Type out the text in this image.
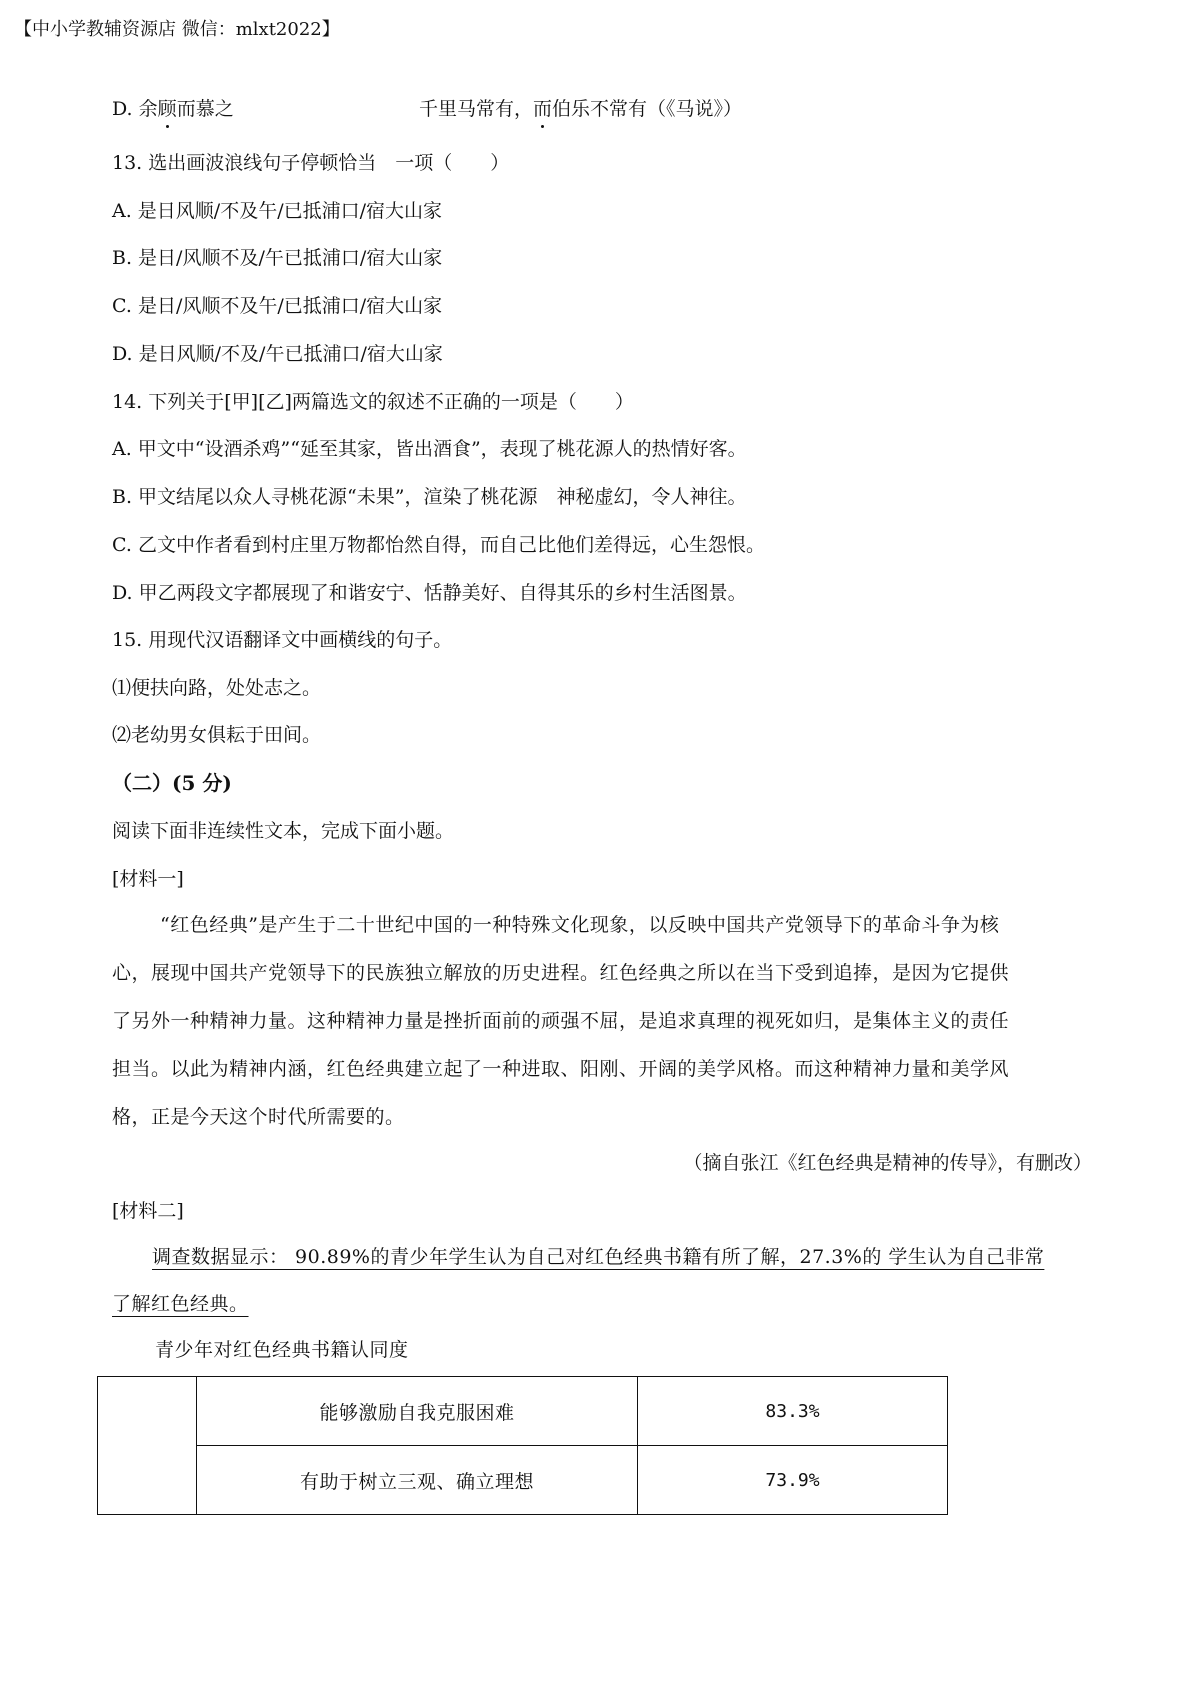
【中小学教辅资源店 微信：mlxt2022】
D. 余顾而慕之	千里马常有，而伯乐不常有（《马说》）
13. 选出画波浪线句子停顿恰当　一项（　　）
A. 是日风顺/不及午/已抵浦口/宿大山家
B. 是日/风顺不及/午已抵浦口/宿大山家
C. 是日/风顺不及午/已抵浦口/宿大山家
D. 是日风顺/不及/午已抵浦口/宿大山家
14. 下列关于[甲][乙]两篇选文的叙述不正确的一项是（　　）
A. 甲文中“设酒杀鸡”“延至其家，皆出酒食”，表现了桃花源人的热情好客。
B. 甲文结尾以众人寻桃花源“未果”，渲染了桃花源　神秘虚幻，令人神往。
C. 乙文中作者看到村庄里万物都怡然自得，而自己比他们差得远，心生怨恨。
D. 甲乙两段文字都展现了和谐安宁、恬静美好、自得其乐的乡村生活图景。
15. 用现代汉语翻译文中画横线的句子。
⑴便扶向路，处处志之。
⑵老幼男女俱耘于田间。
（二）(5 分)
阅读下面非连续性文本，完成下面小题。
[材料一]
“红色经典”是产生于二十世纪中国的一种特殊文化现象，以反映中国共产党领导下的革命斗争为核
心，展现中国共产党领导下的民族独立解放的历史进程。红色经典之所以在当下受到追捧，是因为它提供
了另外一种精神力量。这种精神力量是挫折面前的顽强不屈，是追求真理的视死如归，是集体主义的责任
担当。以此为精神内涵，红色经典建立起了一种进取、阳刚、开阔的美学风格。而这种精神力量和美学风
格，正是今天这个时代所需要的。
（摘自张江《红色经典是精神的传导》，有删改）
[材料二]
调查数据显示： 90.89%的青少年学生认为自己对红色经典书籍有所了解，27.3%的 学生认为自己非常
了解红色经典。
青少年对红色经典书籍认同度
	能够激励自我克服困难	83.3%
	有助于树立三观、确立理想	73.9%
